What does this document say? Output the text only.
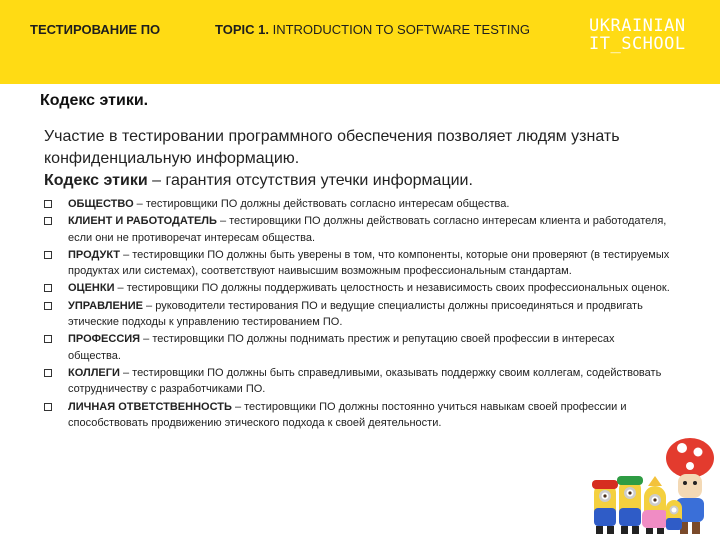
ТЕСТИРОВАНИЕ ПО	TOPIC 1. INTRODUCTION TO SOFTWARE TESTING	UKRAINIAN
IT_SCHOOL
Кодекс этики.
Участие в тестировании программного обеспечения позволяет людям узнать конфиденциальную информацию.
Кодекс этики – гарантия отсутствия утечки информации.
ОБЩЕСТВО – тестировщики ПО должны действовать согласно интересам общества.
КЛИЕНТ И РАБОТОДАТЕЛЬ – тестировщики ПО должны действовать согласно интересам клиента и работодателя, если они не противоречат интересам общества.
ПРОДУКТ – тестировщики ПО должны быть уверены в том, что компоненты, которые они проверяют (в тестируемых продуктах или системах), соответствуют наивысшим возможным профессиональным стандартам.
ОЦЕНКИ – тестировщики ПО должны поддерживать целостность и независимость своих профессиональных оценок.
УПРАВЛЕНИЕ – руководители тестирования ПО и ведущие специалисты должны присоединяться и продвигать этические подходы к управлению тестированием ПО.
ПРОФЕССИЯ – тестировщики ПО должны поднимать престиж и репутацию своей профессии в интересах общества.
КОЛЛЕГИ – тестировщики ПО должны быть справедливыми, оказывать поддержку своим коллегам, содействовать сотрудничеству с разработчиками ПО.
ЛИЧНАЯ ОТВЕТСТВЕННОСТЬ – тестировщики ПО должны постоянно учиться навыкам своей профессии и способствовать продвижению этического подхода к своей деятельности.
